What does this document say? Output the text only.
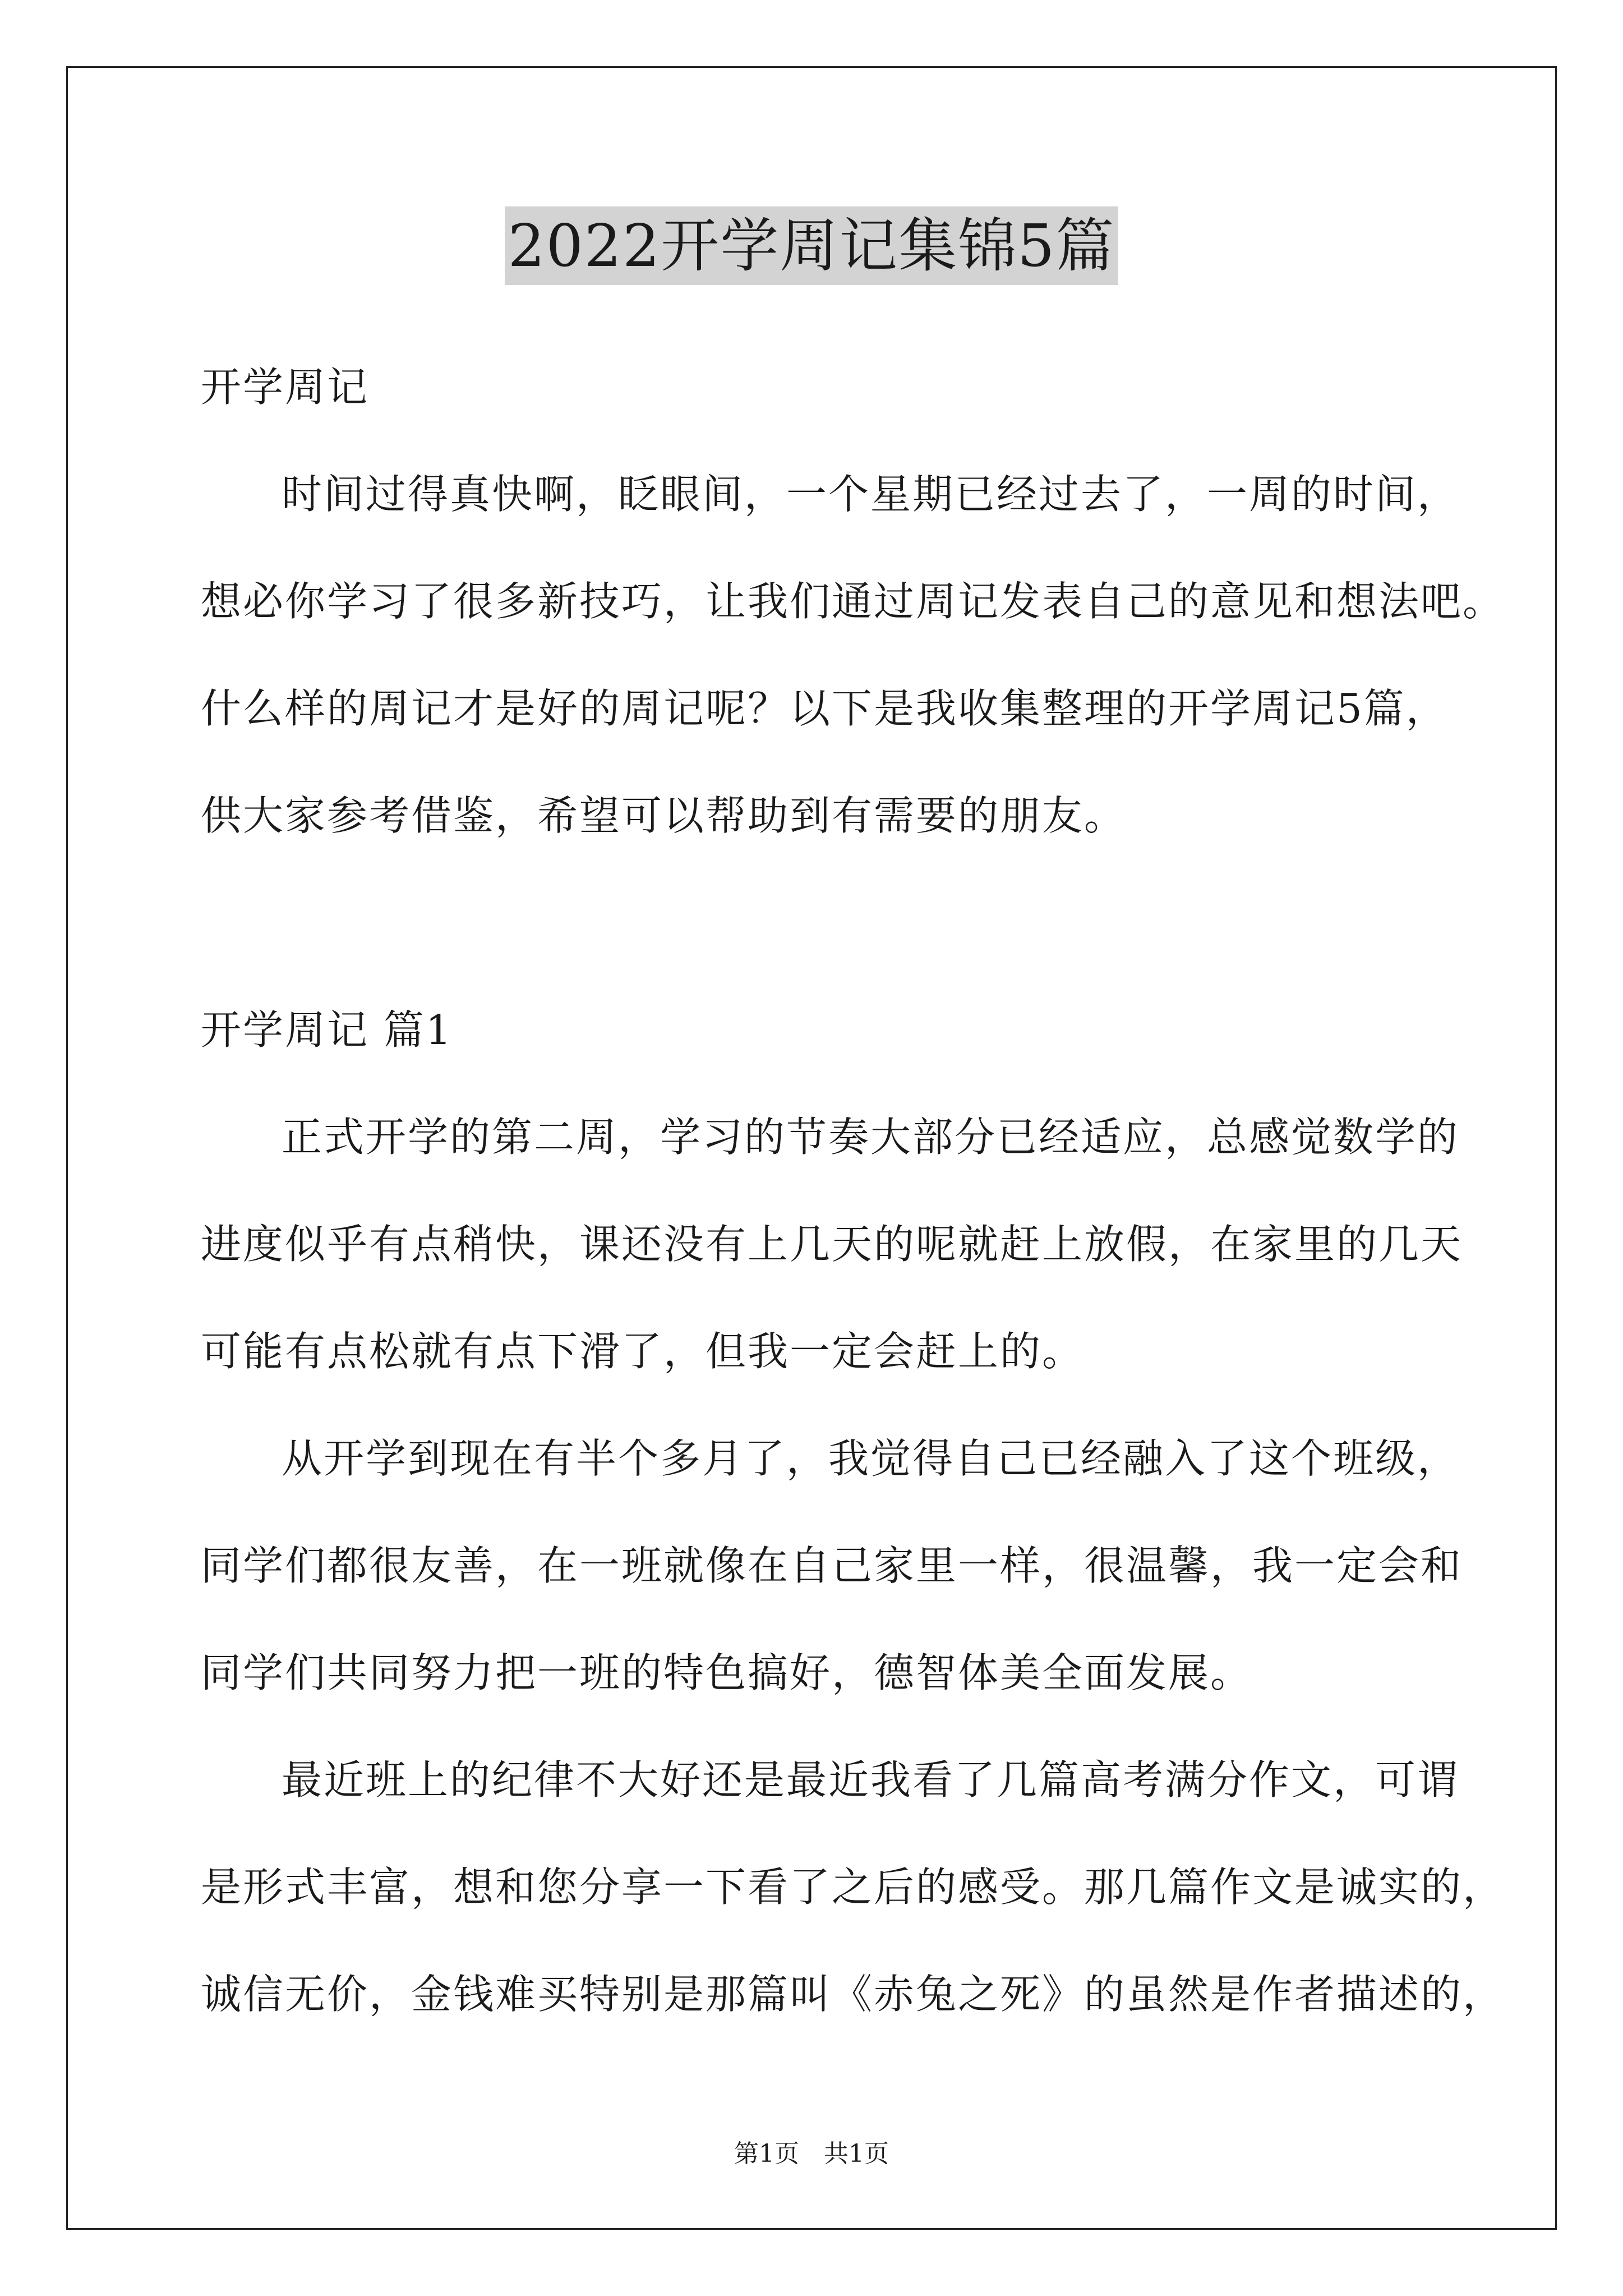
2022开学周记集锦5篇
开学周记
时间过得真快啊，眨眼间，一个星期已经过去了，一周的时间，
想必你学习了很多新技巧，让我们通过周记发表自己的意见和想法吧。
什么样的周记才是好的周记呢？以下是我收集整理的开学周记5篇，
供大家参考借鉴，希望可以帮助到有需要的朋友。
开学周记 篇1
正式开学的第二周，学习的节奏大部分已经适应，总感觉数学的
进度似乎有点稍快，课还没有上几天的呢就赶上放假，在家里的几天
可能有点松就有点下滑了，但我一定会赶上的。
从开学到现在有半个多月了，我觉得自己已经融入了这个班级，
同学们都很友善，在一班就像在自己家里一样，很温馨，我一定会和
同学们共同努力把一班的特色搞好，德智体美全面发展。
最近班上的纪律不大好还是最近我看了几篇高考满分作文，可谓
是形式丰富，想和您分享一下看了之后的感受。那几篇作文是诚实的，
诚信无价，金钱难买特别是那篇叫《赤兔之死》的虽然是作者描述的，
第1页　共1页
